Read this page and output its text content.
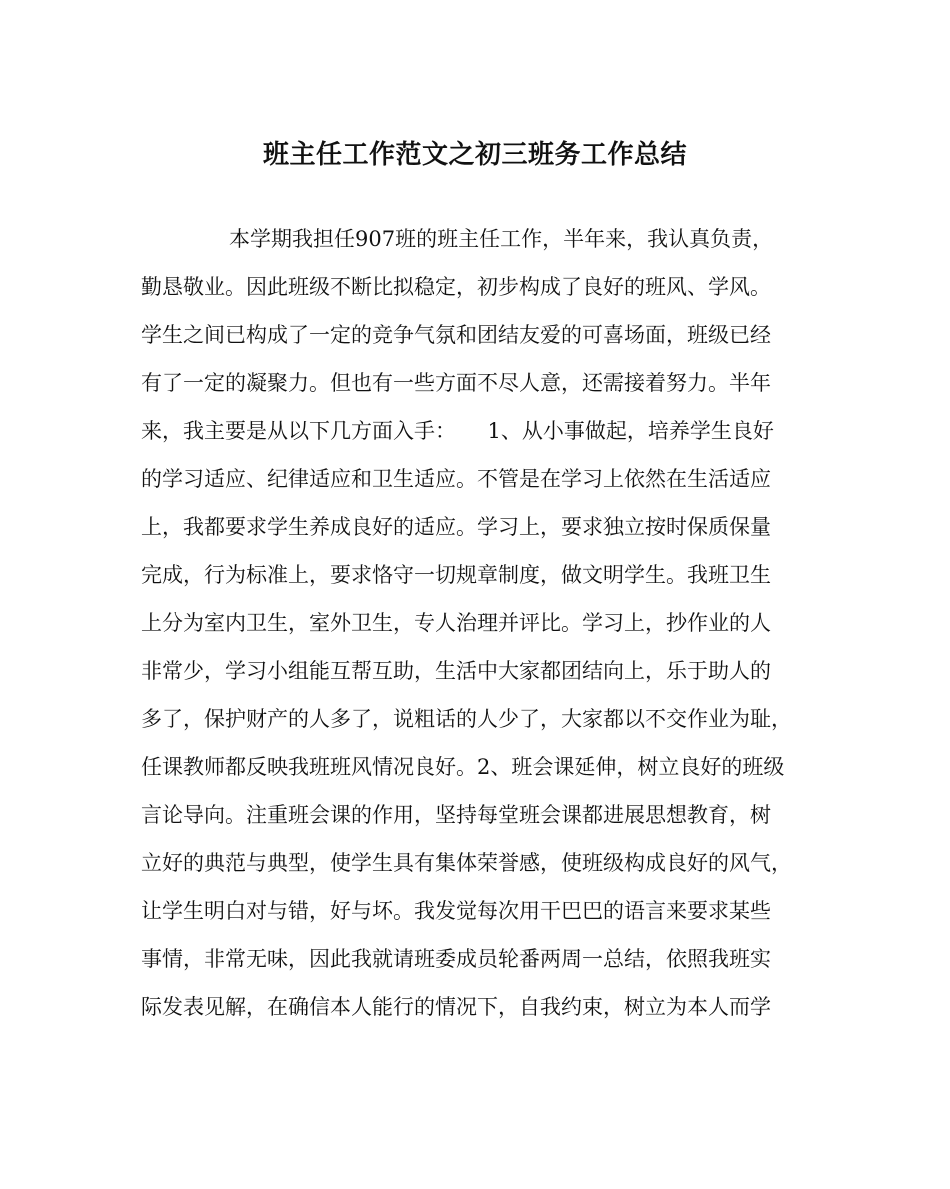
班主任工作范文之初三班务工作总结
本学期我担任907班的班主任工作，半年来，我认真负责，
勤恳敬业。因此班级不断比拟稳定，初步构成了良好的班风、学风。
学生之间已构成了一定的竞争气氛和团结友爱的可喜场面，班级已经
有了一定的凝聚力。但也有一些方面不尽人意，还需接着努力。半年
来，我主要是从以下几方面入手：　　1、从小事做起，培养学生良好
的学习适应、纪律适应和卫生适应。不管是在学习上依然在生活适应
上，我都要求学生养成良好的适应。学习上，要求独立按时保质保量
完成，行为标准上，要求恪守一切规章制度，做文明学生。我班卫生
上分为室内卫生，室外卫生，专人治理并评比。学习上，抄作业的人
非常少，学习小组能互帮互助，生活中大家都团结向上，乐于助人的
多了，保护财产的人多了，说粗话的人少了，大家都以不交作业为耻，
任课教师都反映我班班风情况良好。2、班会课延伸，树立良好的班级
言论导向。注重班会课的作用，坚持每堂班会课都进展思想教育，树
立好的典范与典型，使学生具有集体荣誉感，使班级构成良好的风气，
让学生明白对与错，好与坏。我发觉每次用干巴巴的语言来要求某些
事情，非常无味，因此我就请班委成员轮番两周一总结，依照我班实
际发表见解，在确信本人能行的情况下，自我约束，树立为本人而学
